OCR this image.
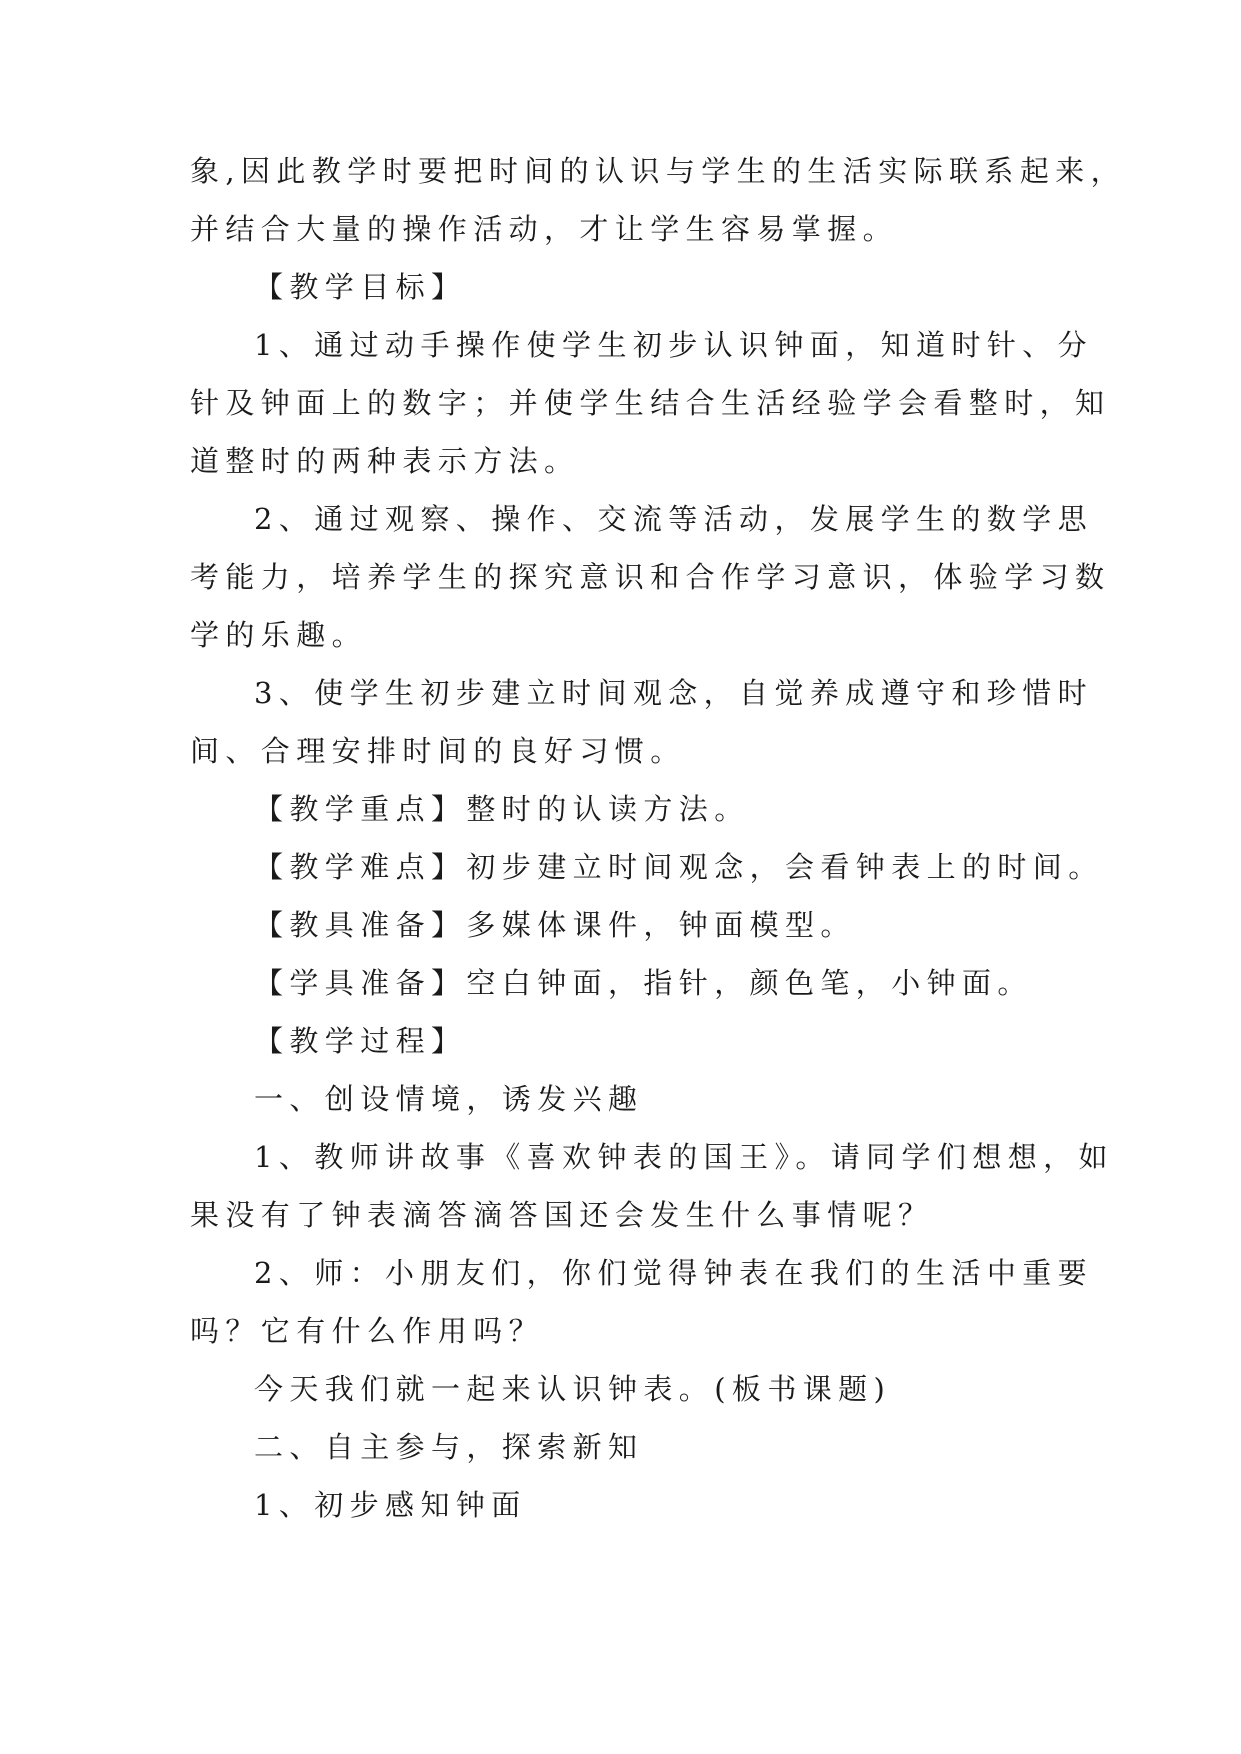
象,因此教学时要把时间的认识与学生的生活实际联系起来，
并结合大量的操作活动，才让学生容易掌握。
【教学目标】
1、通过动手操作使学生初步认识钟面，知道时针、分
针及钟面上的数字；并使学生结合生活经验学会看整时，知
道整时的两种表示方法。
2、通过观察、操作、交流等活动，发展学生的数学思
考能力，培养学生的探究意识和合作学习意识，体验学习数
学的乐趣。
3、使学生初步建立时间观念，自觉养成遵守和珍惜时
间、合理安排时间的良好习惯。
【教学重点】整时的认读方法。
【教学难点】初步建立时间观念，会看钟表上的时间。
【教具准备】多媒体课件，钟面模型。
【学具准备】空白钟面，指针，颜色笔，小钟面。
【教学过程】
一、创设情境，诱发兴趣
1、教师讲故事《喜欢钟表的国王》。请同学们想想，如
果没有了钟表滴答滴答国还会发生什么事情呢？
2、师：小朋友们，你们觉得钟表在我们的生活中重要
吗？它有什么作用吗？
今天我们就一起来认识钟表。(板书课题)
二、自主参与，探索新知
1、初步感知钟面
